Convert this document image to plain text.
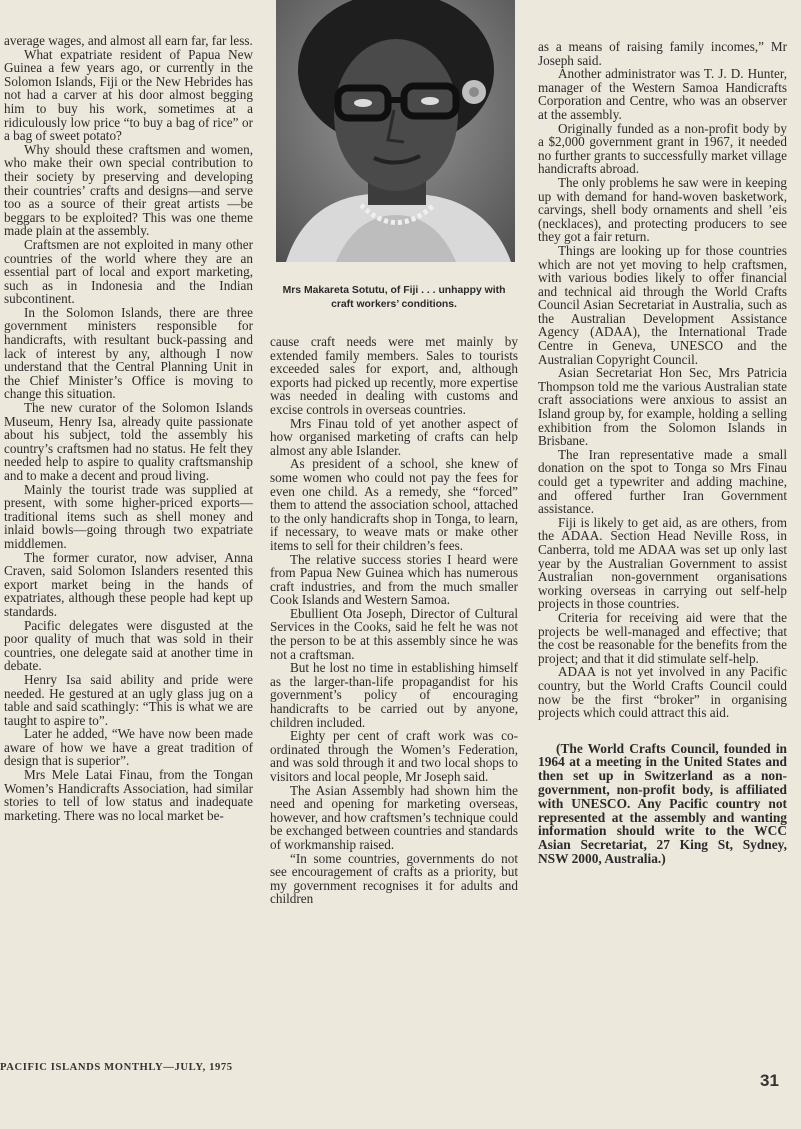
average wages, and almost all earn far, far less.

What expatriate resident of Papua New Guinea a few years ago, or currently in the Solomon Islands, Fiji or the New Hebrides has not had a carver at his door almost begging him to buy his work, sometimes at a ridiculously low price “to buy a bag of rice” or a bag of sweet potato?

Why should these craftsmen and women, who make their own special contribution to their society by preserving and developing their countries’ crafts and designs—and serve too as a source of their great artists —be beggars to be exploited? This was one theme made plain at the assembly.

Craftsmen are not exploited in many other countries of the world where they are an essential part of local and export marketing, such as in Indonesia and the Indian subcontinent.

In the Solomon Islands, there are three government ministers responsible for handicrafts, with resultant buck-passing and lack of interest by any, although I now understand that the Central Planning Unit in the Chief Minister’s Office is moving to change this situation.

The new curator of the Solomon Islands Museum, Henry Isa, already quite passionate about his subject, told the assembly his country’s craftsmen had no status. He felt they needed help to aspire to quality craftsmanship and to make a decent and proud living.

Mainly the tourist trade was supplied at present, with some higher-priced exports—traditional items such as shell money and inlaid bowls—going through two expatriate middlemen.

The former curator, now adviser, Anna Craven, said Solomon Islanders resented this export market being in the hands of expatriates, although these people had kept up standards.

Pacific delegates were disgusted at the poor quality of much that was sold in their countries, one delegate said at another time in debate.

Henry Isa said ability and pride were needed. He gestured at an ugly glass jug on a table and said scathingly: “This is what we are taught to aspire to”.

Later he added, “We have now been made aware of how we have a great tradition of design that is superior”.

Mrs Mele Latai Finau, from the Tongan Women’s Handicrafts Association, had similar stories to tell of low status and inadequate marketing. There was no local market be-

Mrs Makareta Sotutu, of Fiji . . . unhappy with craft workers’ conditions.

cause craft needs were met mainly by extended family members. Sales to tourists exceeded sales for export, and, although exports had picked up recently, more expertise was needed in dealing with customs and excise controls in overseas countries.

Mrs Finau told of yet another aspect of how organised marketing of crafts can help almost any able Islander.

As president of a school, she knew of some women who could not pay the fees for even one child. As a remedy, she “forced” them to attend the association school, attached to the only handicrafts shop in Tonga, to learn, if necessary, to weave mats or make other items to sell for their children’s fees.

The relative success stories I heard were from Papua New Guinea which has numerous craft industries, and from the much smaller Cook Islands and Western Samoa.

Ebullient Ota Joseph, Director of Cultural Services in the Cooks, said he felt he was not the person to be at this assembly since he was not a craftsman.

But he lost no time in establishing himself as the larger-than-life propagandist for his government’s policy of encouraging handicrafts to be carried out by anyone, children included.

Eighty per cent of craft work was co-ordinated through the Women’s Federation, and was sold through it and two local shops to visitors and local people, Mr Joseph said.

The Asian Assembly had shown him the need and opening for marketing overseas, however, and how craftsmen’s technique could be exchanged between countries and standards of workmanship raised.

“In some countries, governments do not see encouragement of crafts as a priority, but my government recognises it for adults and children

as a means of raising family incomes,” Mr Joseph said.

Another administrator was T. J. D. Hunter, manager of the Western Samoa Handicrafts Corporation and Centre, who was an observer at the assembly.

Originally funded as a non-profit body by a $2,000 government grant in 1967, it needed no further grants to successfully market village handicrafts abroad.

The only problems he saw were in keeping up with demand for hand-woven basketwork, carvings, shell body ornaments and shell ’eis (necklaces), and protecting producers to see they got a fair return.

Things are looking up for those countries which are not yet moving to help craftsmen, with various bodies likely to offer financial and technical aid through the World Crafts Council Asian Secretariat in Australia, such as the Australian Development Assistance Agency (ADAA), the International Trade Centre in Geneva, UNESCO and the Australian Copyright Council.

Asian Secretariat Hon Sec, Mrs Patricia Thompson told me the various Australian state craft associations were anxious to assist an Island group by, for example, holding a selling exhibition from the Solomon Islands in Brisbane.

The Iran representative made a small donation on the spot to Tonga so Mrs Finau could get a typewriter and adding machine, and offered further Iran Government assistance.

Fiji is likely to get aid, as are others, from the ADAA. Section Head Neville Ross, in Canberra, told me ADAA was set up only last year by the Australian Government to assist Australian non-government organisations working overseas in carrying out self-help projects in those countries.

Criteria for receiving aid were that the projects be well-managed and effective; that the cost be reasonable for the benefits from the project; and that it did stimulate self-help.

ADAA is not yet involved in any Pacific country, but the World Crafts Council could now be the first “broker” in organising projects which could attract this aid.

(The World Crafts Council, founded in 1964 at a meeting in the United States and then set up in Switzerland as a non-government, non-profit body, is affiliated with UNESCO. Any Pacific country not represented at the assembly and wanting information should write to the WCC Asian Secretariat, 27 King St, Sydney, NSW 2000, Australia.)

PACIFIC ISLANDS MONTHLY—JULY, 1975
31
